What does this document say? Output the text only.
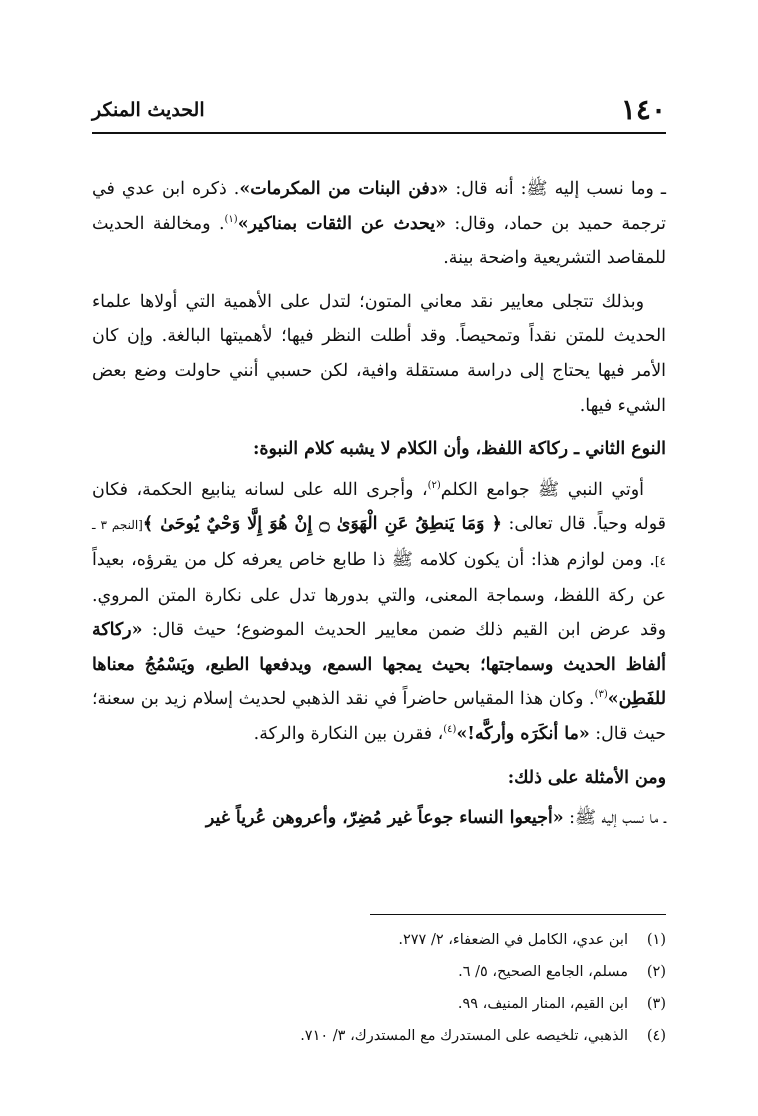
١٤٠
الحديث المنكر

ـ وما نسب إليه ﷺ: أنه قال: «دفن البنات من المكرمات». ذكره ابن عدي في ترجمة حميد بن حماد، وقال: «يحدث عن الثقات بمناكير»$^{(١)}$. ومخالفة الحديث للمقاصد التشريعية واضحة بينة.

وبذلك تتجلى معايير نقد معاني المتون؛ لتدل على الأهمية التي أولاها علماء الحديث للمتن نقداً وتمحيصاً. وقد أطلت النظر فيها؛ لأهميتها البالغة. وإن كان الأمر فيها يحتاج إلى دراسة مستقلة وافية، لكن حسبي أنني حاولت وضع بعض الشيء فيها.

النوع الثاني ـ ركاكة اللفظ، وأن الكلام لا يشبه كلام النبوة:

أوتي النبي ﷺ جوامع الكلم$^{(٢)}$، وأجرى الله على لسانه ينابيع الحكمة، فكان قوله وحياً. قال تعالى: ﴿ وَمَا يَنطِقُ عَنِ الْهَوَىٰ ۝ إِنْ هُوَ إِلَّا وَحْيٌ يُوحَىٰ ﴾[النجم ٣ ـ ٤]. ومن لوازم هذا: أن يكون كلامه ﷺ ذا طابع خاص يعرفه كل من يقرؤه، بعيداً عن ركة اللفظ، وسماجة المعنى، والتي بدورها تدل على نكارة المتن المروي. وقد عرض ابن القيم ذلك ضمن معايير الحديث الموضوع؛ حيث قال: «ركاكة ألفاظ الحديث وسماجتها؛ بحيث يمجها السمع، ويدفعها الطبع، ويَسْمُجُ معناها للفَطِن»$^{(٣)}$. وكان هذا المقياس حاضراً في نقد الذهبي لحديث إسلام زيد بن سعنة؛ حيث قال: «ما أنكَرَه وأركَّه!»$^{(٤)}$، فقرن بين النكارة والركة.

ومن الأمثلة على ذلك:

ـ ما نسب إليه ﷺ: «أجيعوا النساء جوعاً غير مُضِرّ، وأعروهن عُرياً غير

(١)
ابن عدي، الكامل في الضعفاء، ٢/ ٢٧٧.
(٢)
مسلم، الجامع الصحيح، ٥/ ٦.
(٣)
ابن القيم، المنار المنيف، ٩٩.
(٤)
الذهبي، تلخيصه على المستدرك مع المستدرك، ٣/ ٧١٠.
